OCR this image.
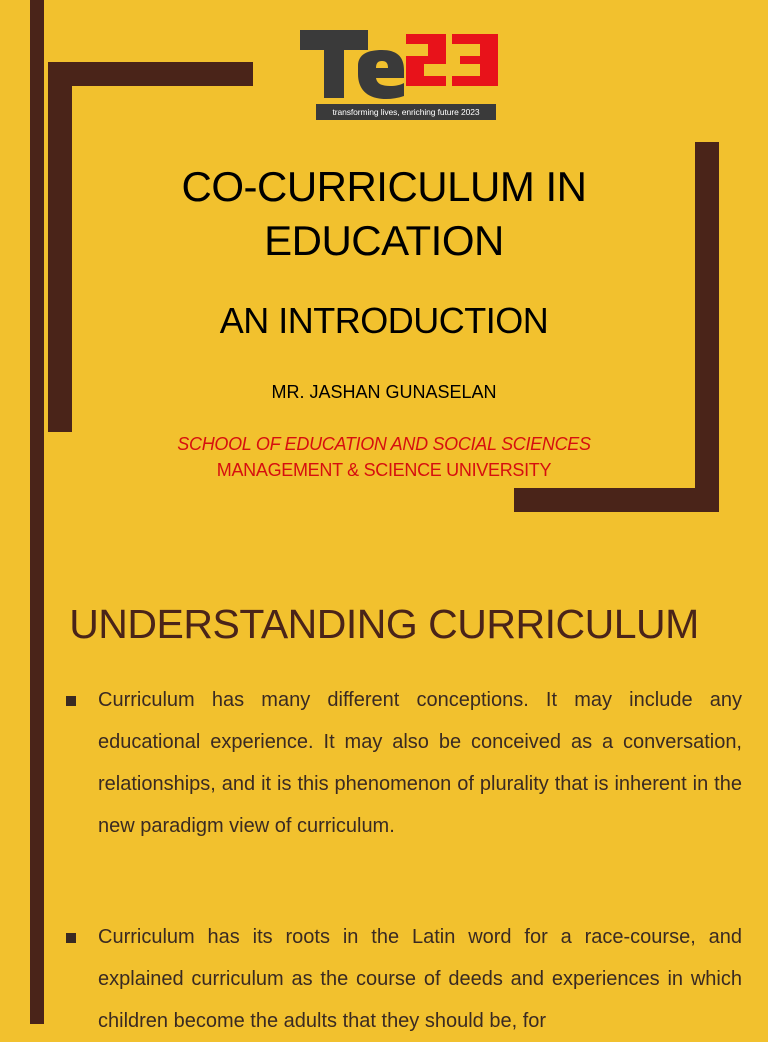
transforming lives, enriching future 2023
CO-CURRICULUM IN
EDUCATION
AN INTRODUCTION
MR. JASHAN GUNASELAN
SCHOOL OF EDUCATION AND SOCIAL SCIENCES
MANAGEMENT & SCIENCE UNIVERSITY
UNDERSTANDING CURRICULUM
Curriculum has many different conceptions. It may include any educational experience. It may also be conceived as a conversation, relationships, and it is this phenomenon of plurality that is inherent in the new paradigm view of curriculum.
Curriculum has its roots in the Latin word for a race-course, and explained curriculum as the course of deeds and experiences in which children become the adults that they should be, for
